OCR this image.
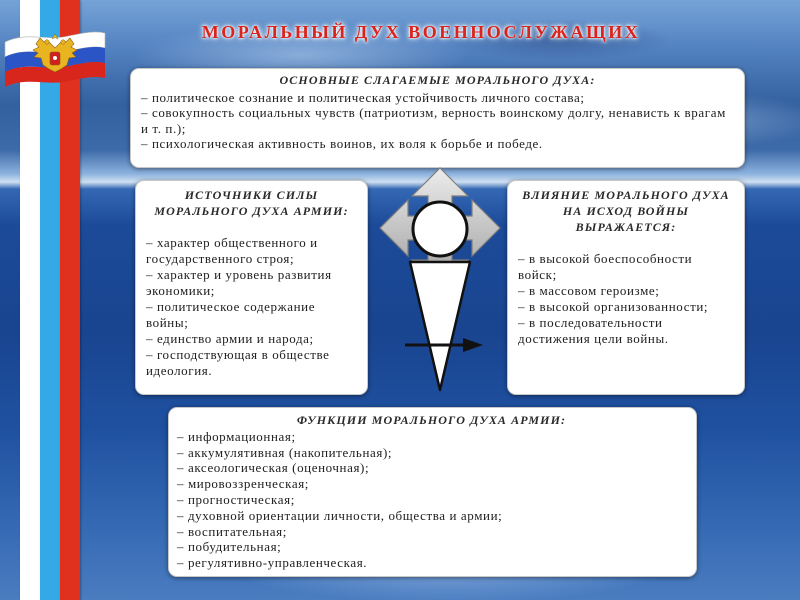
МОРАЛЬНЫЙ ДУХ ВОЕННОСЛУЖАЩИХ
ОСНОВНЫЕ СЛАГАЕМЫЕ МОРАЛЬНОГО ДУХА:
– политическое сознание и политическая устойчивость личного состава;
– совокупность социальных чувств (патриотизм, верность воинскому долгу, ненависть к врагам и т. п.);
– психологическая активность воинов, их воля к борьбе и победе.
ИСТОЧНИКИ СИЛЫ МОРАЛЬНОГО ДУХА АРМИИ:
– характер общественного и государственного строя;
– характер и уровень развития экономики;
– политическое содержание войны;
– единство армии и народа;
– господствующая в обществе идеология.
ВЛИЯНИЕ МОРАЛЬНОГО ДУХА НА ИСХОД ВОЙНЫ ВЫРАЖАЕТСЯ:
– в высокой боеспособности войск;
– в массовом героизме;
– в высокой организованности;
– в последовательности достижения цели войны.
ФУНКЦИИ МОРАЛЬНОГО ДУХА АРМИИ:
– информационная;
– аккумулятивная (накопительная);
– аксеологическая (оценочная);
– мировоззренческая;
– прогностическая;
– духовной ориентации личности, общества и армии;
– воспитательная;
– побудительная;
– регулятивно-управленческая.
